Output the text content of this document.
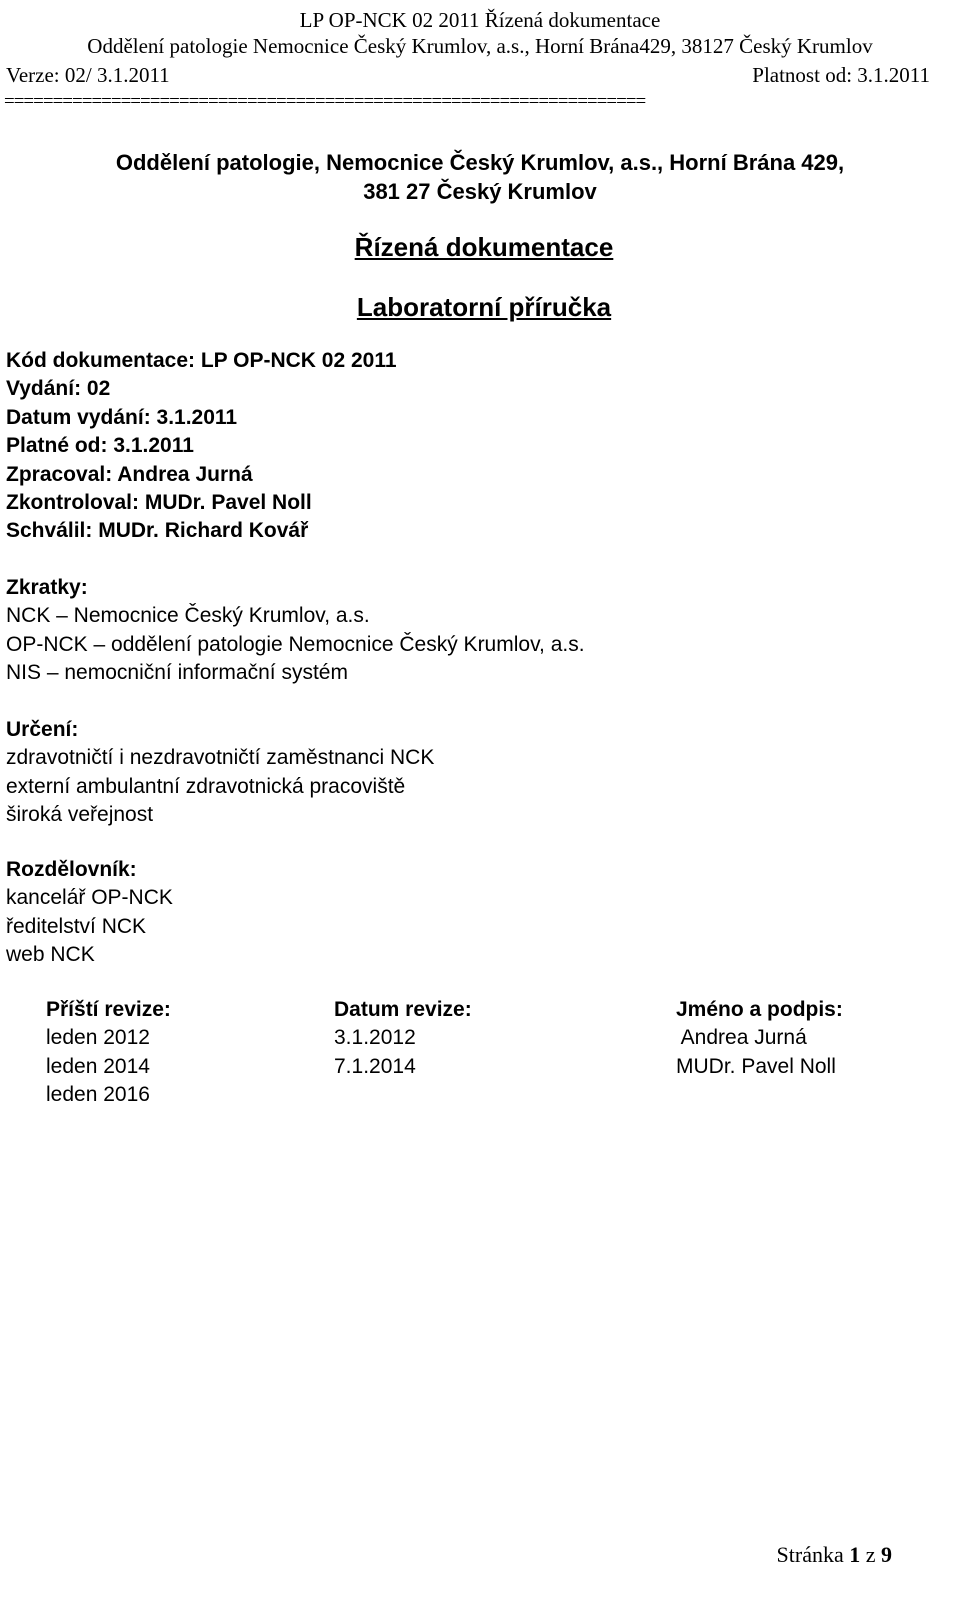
LP OP-NCK 02 2011 Řízená dokumentace
Oddělení patologie Nemocnice Český Krumlov, a.s., Horní Brána429, 38127 Český Krumlov
Verze: 02/ 3.1.2011	Platnost od: 3.1.2011
==================================================================
Oddělení patologie, Nemocnice Český Krumlov, a.s., Horní Brána 429,
381 27 Český Krumlov
Řízená dokumentace
Laboratorní příručka
Kód dokumentace: LP OP-NCK 02 2011
Vydání: 02
Datum vydání: 3.1.2011
Platné od: 3.1.2011
Zpracoval: Andrea Jurná
Zkontroloval: MUDr. Pavel Noll
Schválil: MUDr. Richard Kovář
Zkratky:
NCK – Nemocnice Český Krumlov, a.s.
OP-NCK – oddělení patologie Nemocnice Český Krumlov, a.s.
NIS – nemocniční informační systém
Určení:
zdravotničtí i nezdravotničtí zaměstnanci NCK
externí ambulantní zdravotnická pracoviště
široká veřejnost
Rozdělovník:
kancelář OP-NCK
ředitelství NCK
web NCK
Příští revize:
leden 2012
leden 2014
leden 2016
Datum revize:
3.1.2012
7.1.2014
Jméno a podpis:
Andrea Jurná
MUDr. Pavel Noll
Stránka 1 z 9
